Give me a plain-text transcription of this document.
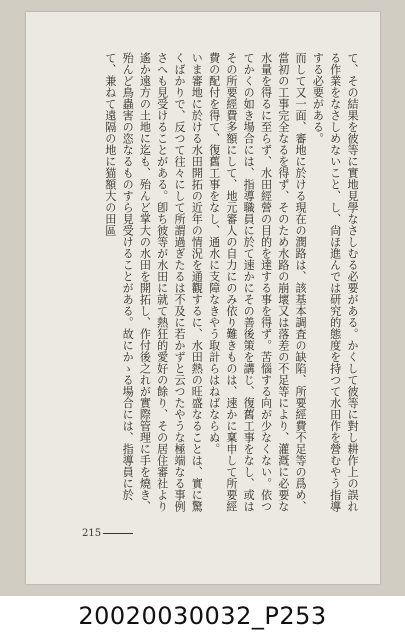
て、その結果を彼等に實地見學なさしむる必要がある。かくして彼等に對し耕作上の誤れる作業をなさしめないこと、し、尙ほ進んでは研究的態度を持つて水田作を營むやう指導する必要がある。

而して又一面、審地に於ける現在の潤路は、該基本調査の缺陷、所要經費不足等の爲め、當初の工事完全なるを得ず、そのため水路の崩壞又は落差の不足等により、灌漑に必要な水量を得るに至らず、水田經營の目的を達する事を得ず。苦惱する向が少なくない。依つてかくの如き場合には、指導職員に於て速かにその善後策を講じ、復舊工事をなし、或はその所要經費多額にして、地元審人の自力にのみ依り難きものは、速かに稟申して所要經費の配付を得て、復舊工事をなし、通水に支障なきやう取計らはねばならぬ。

いま審地に於ける水田開拓の近年の情況を通觀するに、水田熱の旺盛なることは、實に驚くばかりで、反つて往々にして所謂過ぎたるは不及に若かずと云つたやうな極端なる事例さへも見受けることがある。卽ち彼等が水田に就て熱狂的愛好の餘り、その居住審社より遙か遠方の土地に迄も、殆んど掌大の水田を開拓し、作付後之れが實際管理に手を燒き、殆んど鳥蟲害の恣なるものすら見受けることがある。故にかゝる場合には、指導員に於て、兼ねて遠隔の地に猫額大の田區

215
20020030032_P253
